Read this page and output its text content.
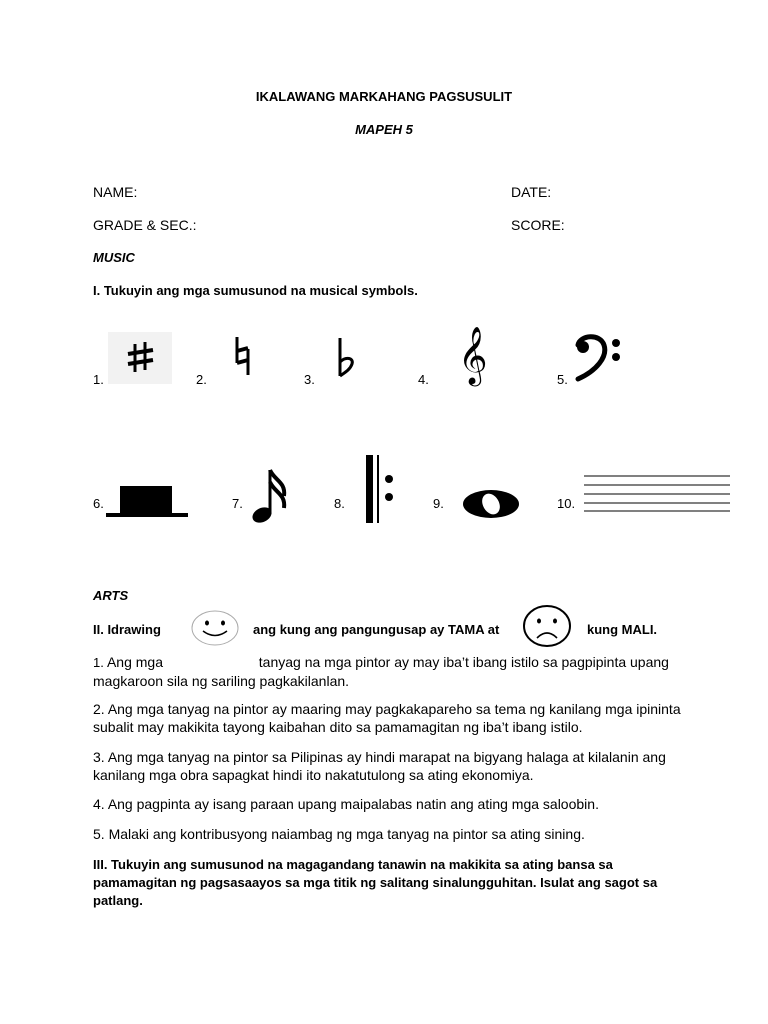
IKALAWANG MARKAHANG PAGSUSULIT
MAPEH 5
NAME:	DATE:
GRADE & SEC.:	SCORE:
MUSIC
I. Tukuyin ang mga sumusunod na musical symbols.
1.	2.	3.	4.	5.
𝄞
6.	7.	8.	9.	10.
ARTS
II. Idrawing	ang kung ang pangungusap ay TAMA at	kung MALI.
1. Ang mga	tanyag na mga pintor ay may iba’t ibang istilo sa pagpipinta upang magkaroon sila ng sariling pagkakilanlan.
2. Ang mga tanyag na pintor ay maaring may pagkakapareho sa tema ng kanilang mga ipininta subalit may makikita tayong kaibahan dito sa pamamagitan ng iba’t ibang istilo.
3. Ang mga tanyag na pintor sa Pilipinas ay hindi marapat na bigyang halaga at kilalanin ang kanilang mga obra sapagkat hindi ito nakatutulong sa ating ekonomiya.
4. Ang pagpinta ay isang paraan upang maipalabas natin ang ating mga saloobin.
5. Malaki ang kontribusyong naiambag ng mga tanyag na pintor sa ating sining.
III. Tukuyin ang sumusunod na magagandang tanawin na makikita sa ating bansa sa pamamagitan ng pagsasaayos sa mga titik ng salitang sinalungguhitan. Isulat ang sagot sa patlang.
